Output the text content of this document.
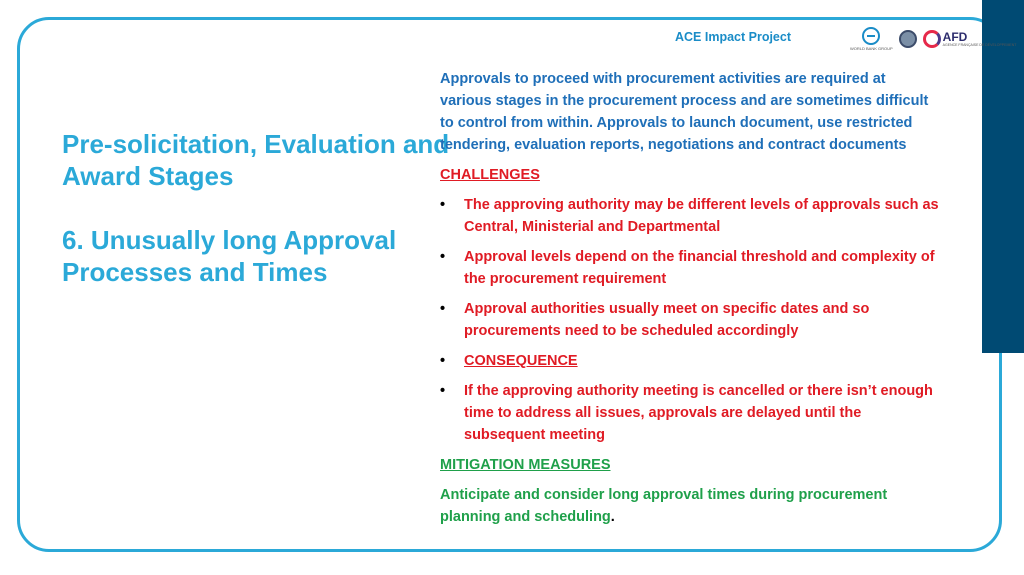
ACE Impact Project
WORLD BANK GROUP
AFD
AGENCE FRANÇAISE DE DÉVELOPPEMENT
Pre-solicitation, Evaluation and
Award Stages
6. Unusually long Approval
Processes and Times

Approvals to proceed with procurement activities are required at various stages in the procurement process and are sometimes difficult to control from within. Approvals to launch document, use restricted tendering, evaluation reports, negotiations and contract documents

CHALLENGES

• The approving authority may be different levels of approvals such as Central, Ministerial and Departmental
• Approval levels depend on the financial threshold and complexity of the procurement requirement
• Approval authorities usually meet on specific dates and so procurements need to be scheduled accordingly
• CONSEQUENCE
• If the approving authority meeting is cancelled or there isn’t enough time to address all issues, approvals are delayed until the subsequent meeting

MITIGATION MEASURES

Anticipate and consider long approval times during procurement planning and scheduling.
